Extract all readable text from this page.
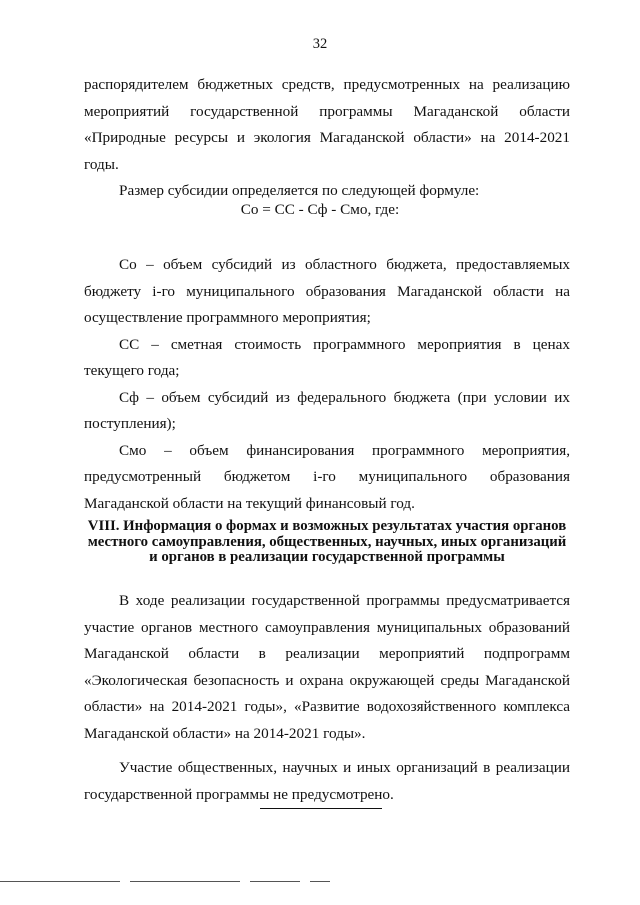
32

распорядителем бюджетных средств, предусмотренных на реализацию мероприятий государственной программы Магаданской области «Природные ресурсы и экология Магаданской области» на 2014-2021 годы.

Размер субсидии определяется по следующей формуле:

Со = СС - Сф - Смо, где:

Со – объем субсидий из областного бюджета, предоставляемых бюджету i-го муниципального образования Магаданской области на осуществление программного мероприятия;

СС – сметная стоимость программного мероприятия в ценах текущего года;

Сф – объем субсидий из федерального бюджета (при условии их поступления);

Смо – объем финансирования программного мероприятия, предусмотренный бюджетом i-го муниципального образования Магаданской области на текущий финансовый год.

VIII. Информация о формах и возможных результатах участия органов местного самоуправления, общественных, научных, иных организаций и органов в реализации государственной программы

В ходе реализации государственной программы предусматривается участие органов местного самоуправления муниципальных образований Магаданской области в реализации мероприятий подпрограмм «Экологическая безопасность и охрана окружающей среды Магаданской области» на 2014-2021 годы», «Развитие водохозяйственного комплекса Магаданской области» на 2014-2021 годы».

Участие общественных, научных и иных организаций в реализации государственной программы не предусмотрено.
